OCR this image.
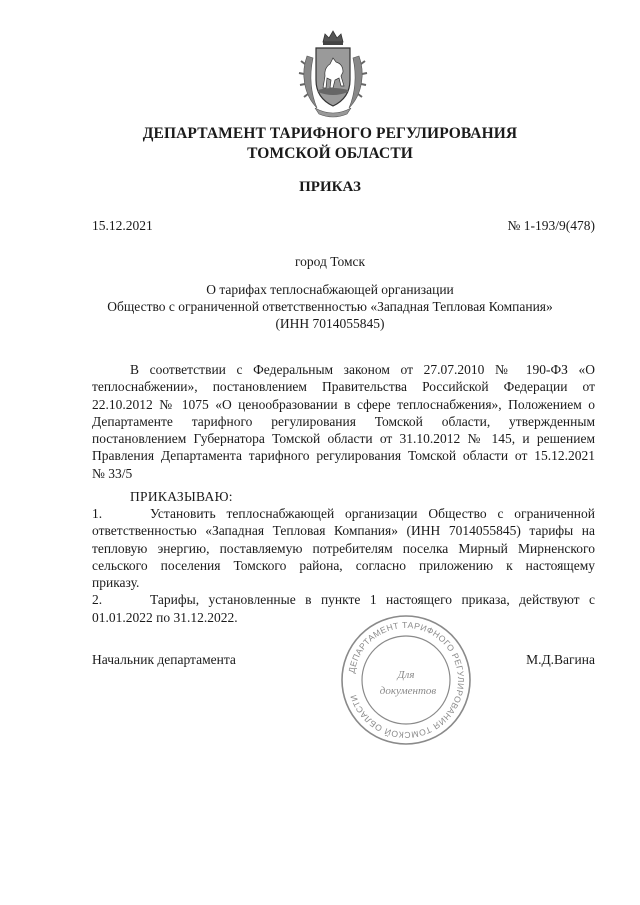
ДЕПАРТАМЕНТ ТАРИФНОГО РЕГУЛИРОВАНИЯ
ТОМСКОЙ ОБЛАСТИ
ПРИКАЗ
15.12.2021	№ 1-193/9(478)
город Томск
О тарифах теплоснабжающей организации
Общество с ограниченной ответственностью «Западная Тепловая Компания»
(ИНН 7014055845)
В соответствии с Федеральным законом от 27.07.2010 № 190-ФЗ «О
теплоснабжении», постановлением Правительства Российской Федерации от
22.10.2012 № 1075 «О ценообразовании в сфере теплоснабжения», Положением о
Департаменте тарифного регулирования Томской области, утвержденным
постановлением Губернатора Томской области от 31.10.2012 № 145, и решением
Правления Департамента тарифного регулирования Томской области от 15.12.2021
№ 33/5
ПРИКАЗЫВАЮ:
1.	Установить теплоснабжающей организации Общество с ограниченной
ответственностью «Западная Тепловая Компания» (ИНН 7014055845) тарифы на
тепловую энергию, поставляемую потребителям поселка Мирный Мирненского
сельского поселения Томского района, согласно приложению к настоящему
приказу.
2.	Тарифы, установленные в пункте 1 настоящего приказа, действуют с
01.01.2022 по 31.12.2022.
Начальник департамента	М.Д.Вагина
ДЕПАРТАМЕНТ ТАРИФНОГО РЕГУЛИРОВАНИЯ ТОМСКОЙ ОБЛАСТИ
Для
документов
